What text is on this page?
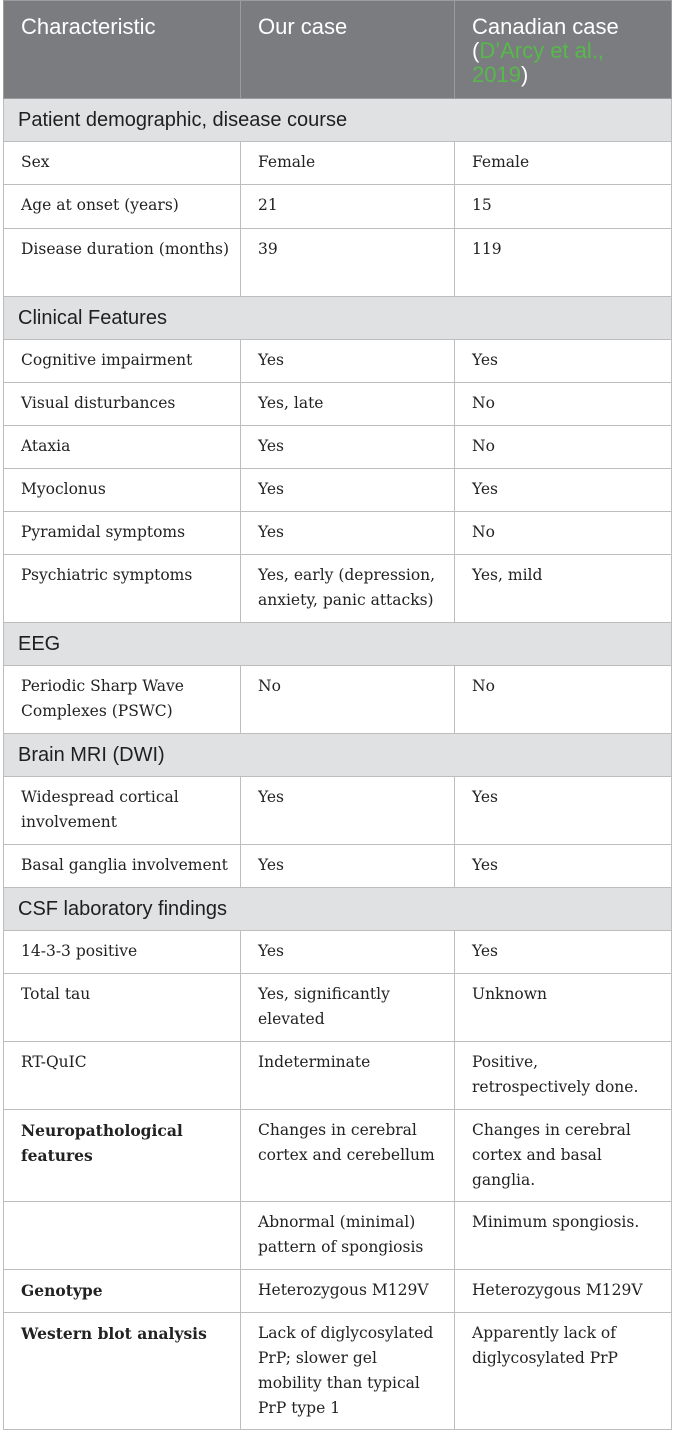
Characteristic	Our case	Canadian case (D’Arcy et al., 2019)
Patient demographic, disease course		
Sex	Female	Female
Age at onset (years)	21	15
Disease duration (months)	39	119
Clinical Features		
Cognitive impairment	Yes	Yes
Visual disturbances	Yes, late	No
Ataxia	Yes	No
Myoclonus	Yes	Yes
Pyramidal symptoms	Yes	No
Psychiatric symptoms	Yes, early (depression, anxiety, panic attacks)	Yes, mild
EEG		
Periodic Sharp Wave Complexes (PSWC)	No	No
Brain MRI (DWI)		
Widespread cortical involvement	Yes	Yes
Basal ganglia involvement	Yes	Yes
CSF laboratory findings		
14-3-3 positive	Yes	Yes
Total tau	Yes, significantly elevated	Unknown
RT-QuIC	Indeterminate	Positive, retrospectively done.
Neuropathological features	Changes in cerebral cortex and cerebellum	Changes in cerebral cortex and basal ganglia.
	Abnormal (minimal) pattern of spongiosis	Minimum spongiosis.
Genotype	Heterozygous M129V	Heterozygous M129V
Western blot analysis	Lack of diglycosylated PrP; slower gel mobility than typical PrP type 1	Apparently lack of diglycosylated PrP
